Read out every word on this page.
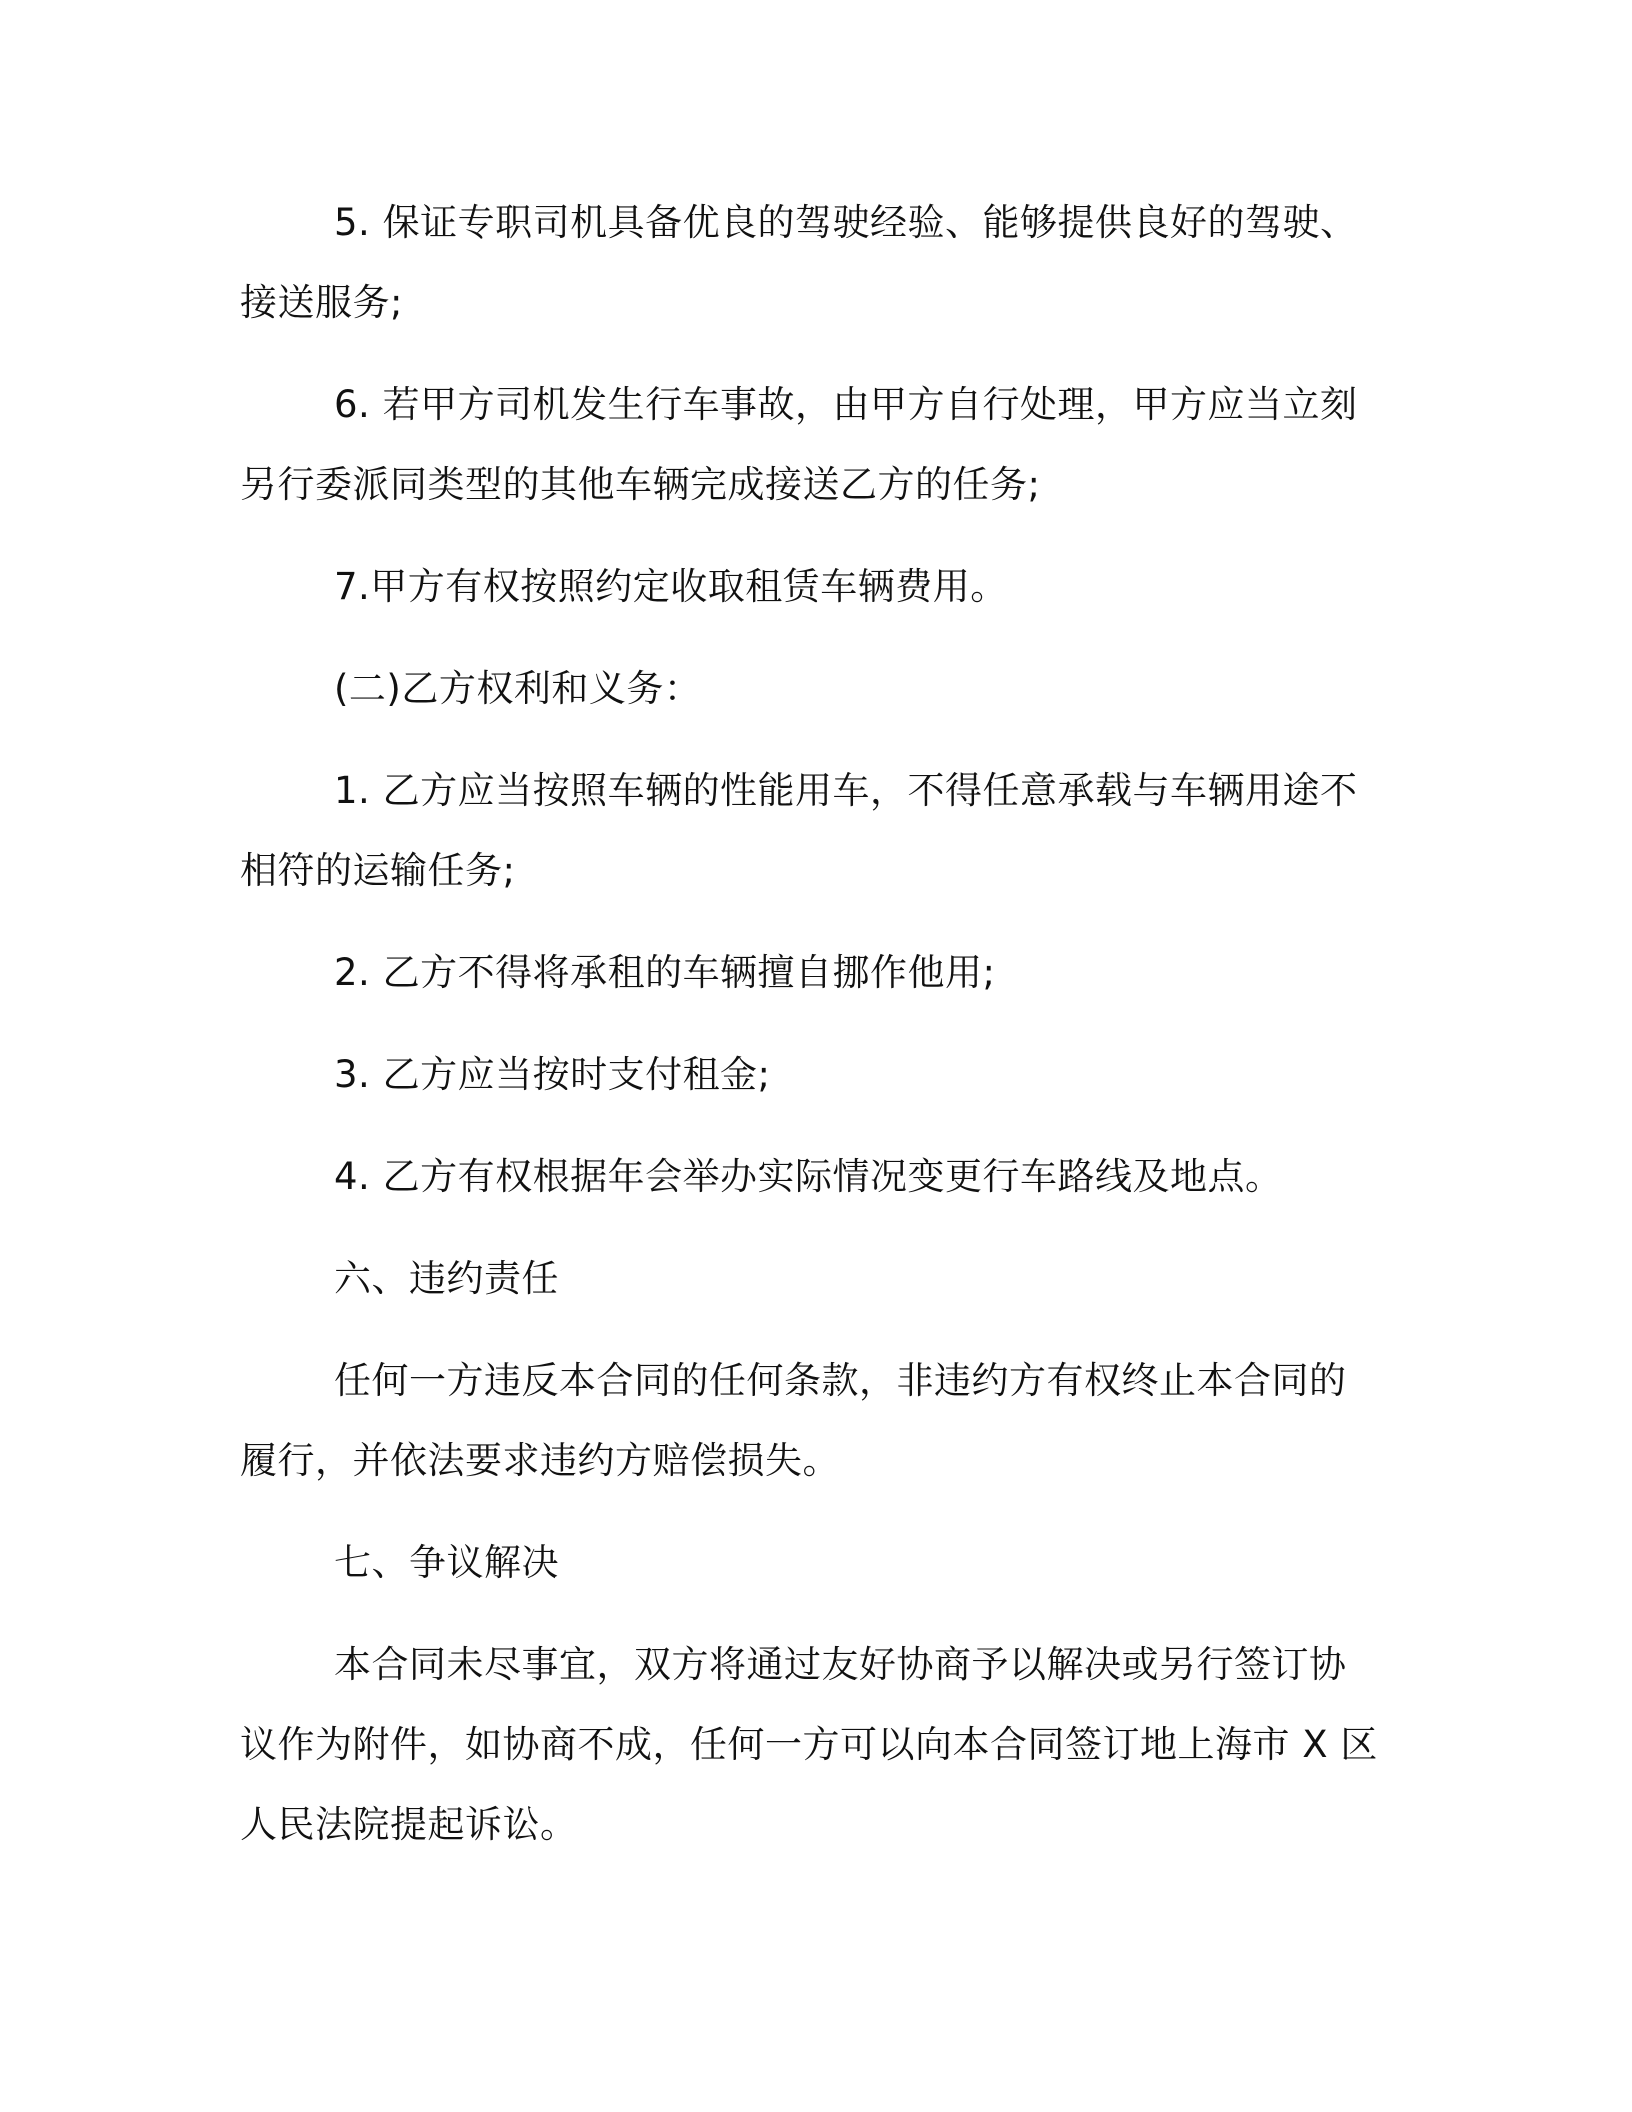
5. 保证专职司机具备优良的驾驶经验、能够提供良好的驾驶、接送服务;

6. 若甲方司机发生行车事故，由甲方自行处理，甲方应当立刻另行委派同类型的其他车辆完成接送乙方的任务;

7.甲方有权按照约定收取租赁车辆费用。

(二)乙方权利和义务：

1. 乙方应当按照车辆的性能用车，不得任意承载与车辆用途不相符的运输任务;

2. 乙方不得将承租的车辆擅自挪作他用;

3. 乙方应当按时支付租金;

4. 乙方有权根据年会举办实际情况变更行车路线及地点。

六、违约责任

任何一方违反本合同的任何条款，非违约方有权终止本合同的履行，并依法要求违约方赔偿损失。

七、争议解决

本合同未尽事宜，双方将通过友好协商予以解决或另行签订协议作为附件，如协商不成，任何一方可以向本合同签订地上海市 X 区人民法院提起诉讼。
